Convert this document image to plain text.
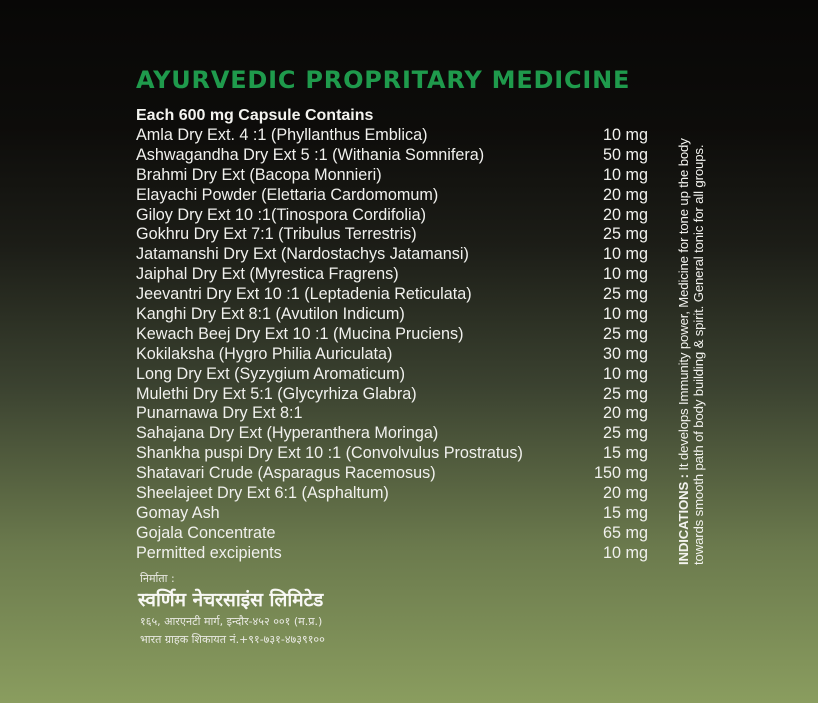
AYURVEDIC PROPRITARY MEDICINE
Each 600 mg Capsule Contains
Amla Dry Ext. 4 :1 (Phyllanthus Emblica)	10 mg
Ashwagandha Dry Ext 5 :1 (Withania Somnifera)	50 mg
Brahmi Dry Ext (Bacopa Monnieri)	10 mg
Elayachi Powder (Elettaria Cardomomum)	20 mg
Giloy Dry Ext 10 :1(Tinospora Cordifolia)	20 mg
Gokhru Dry Ext 7:1 (Tribulus Terrestris)	25 mg
Jatamanshi Dry Ext (Nardostachys Jatamansi)	10 mg
Jaiphal Dry Ext (Myrestica Fragrens)	10 mg
Jeevantri Dry Ext 10 :1 (Leptadenia Reticulata)	25 mg
Kanghi Dry Ext 8:1 (Avutilon Indicum)	10 mg
Kewach Beej Dry Ext 10 :1 (Mucina Pruciens)	25 mg
Kokilaksha (Hygro Philia Auriculata)	30 mg
Long Dry Ext (Syzygium Aromaticum)	10 mg
Mulethi Dry Ext 5:1 (Glycyrhiza Glabra)	25 mg
Punarnawa Dry Ext 8:1	20 mg
Sahajana Dry Ext (Hyperanthera Moringa)	25 mg
Shankha puspi Dry Ext 10 :1 (Convolvulus Prostratus)	15 mg
Shatavari Crude (Asparagus Racemosus)	150 mg
Sheelajeet Dry Ext 6:1 (Asphaltum)	20 mg
Gomay Ash	15 mg
Gojala Concentrate	65 mg
Permitted excipients	10 mg INDICATIONS : It develops Immunity power, Medicine for tone up the body towards smooth path of body building & spirit. General tonic for all groups.
निर्माता :
स्वर्णिम नेचरसाइंस लिमिटेड
१६५, आरएनटी मार्ग, इन्दौर-४५२ ००१ (म.प्र.)
भारत ग्राहक शिकायत नं.+९१-७३१-४७३९१००
